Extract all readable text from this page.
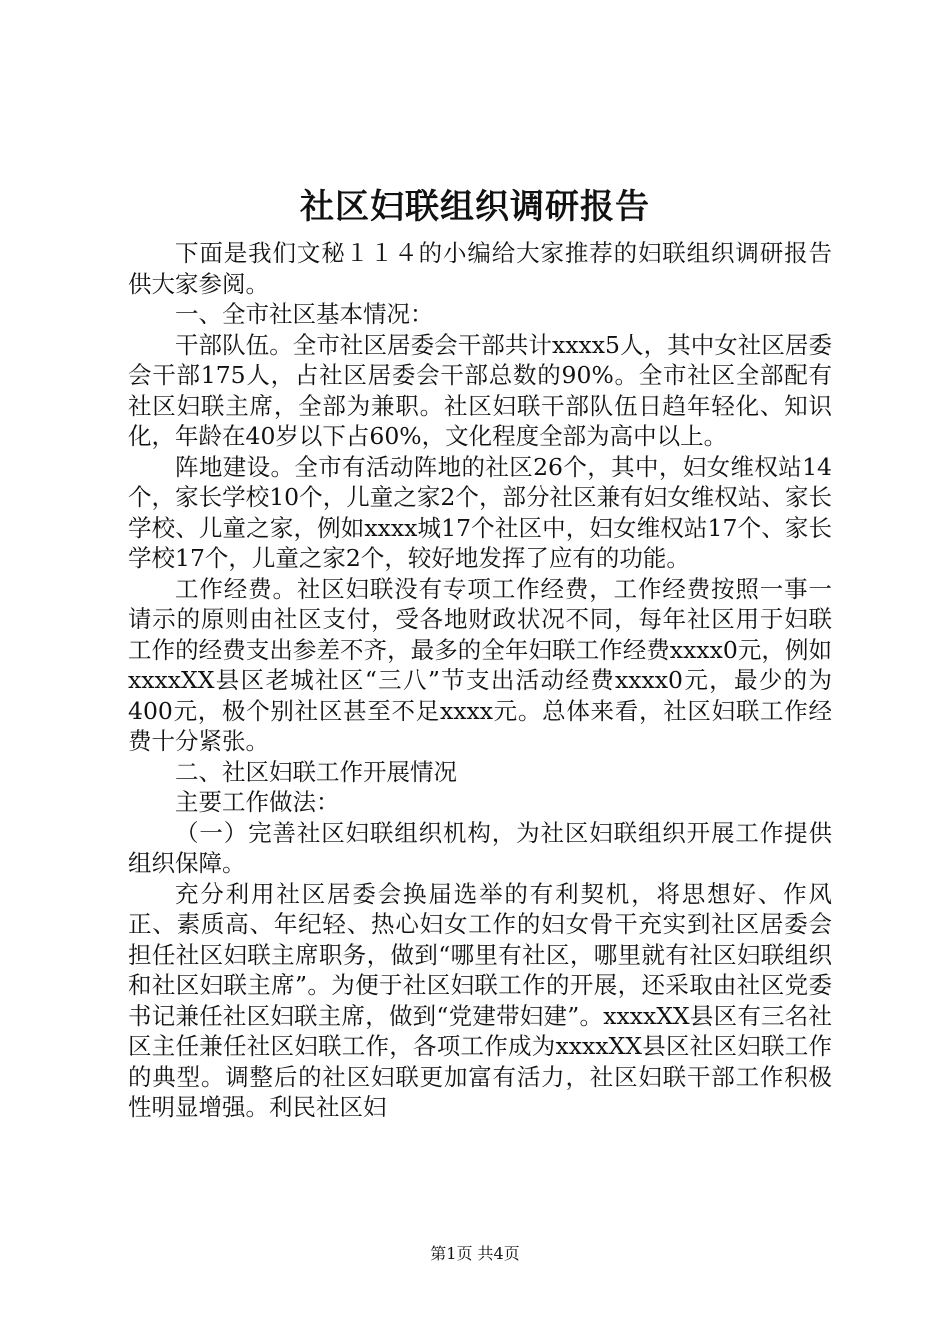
社区妇联组织调研报告

下面是我们文秘１１４的小编给大家推荐的妇联组织调研报告供大家参阅。

一、全市社区基本情况：

干部队伍。全市社区居委会干部共计xxxx5人，其中女社区居委会干部175人，占社区居委会干部总数的90%。全市社区全部配有社区妇联主席，全部为兼职。社区妇联干部队伍日趋年轻化、知识化，年龄在40岁以下占60%，文化程度全部为高中以上。

阵地建设。全市有活动阵地的社区26个，其中，妇女维权站14个，家长学校10个，儿童之家2个，部分社区兼有妇女维权站、家长学校、儿童之家，例如xxxx城17个社区中，妇女维权站17个、家长学校17个，儿童之家2个，较好地发挥了应有的功能。

工作经费。社区妇联没有专项工作经费，工作经费按照一事一请示的原则由社区支付，受各地财政状况不同，每年社区用于妇联工作的经费支出参差不齐，最多的全年妇联工作经费xxxx0元，例如xxxxXX县区老城社区“三八”节支出活动经费xxxx0元，最少的为400元，极个别社区甚至不足xxxx元。总体来看，社区妇联工作经费十分紧张。

二、社区妇联工作开展情况

主要工作做法：

（一）完善社区妇联组织机构，为社区妇联组织开展工作提供组织保障。

充分利用社区居委会换届选举的有利契机，将思想好、作风正、素质高、年纪轻、热心妇女工作的妇女骨干充实到社区居委会担任社区妇联主席职务，做到“哪里有社区，哪里就有社区妇联组织和社区妇联主席”。为便于社区妇联工作的开展，还采取由社区党委书记兼任社区妇联主席，做到“党建带妇建”。xxxxXX县区有三名社区主任兼任社区妇联工作，各项工作成为xxxxXX县区社区妇联工作的典型。调整后的社区妇联更加富有活力，社区妇联干部工作积极性明显增强。利民社区妇

第1页 共4页
